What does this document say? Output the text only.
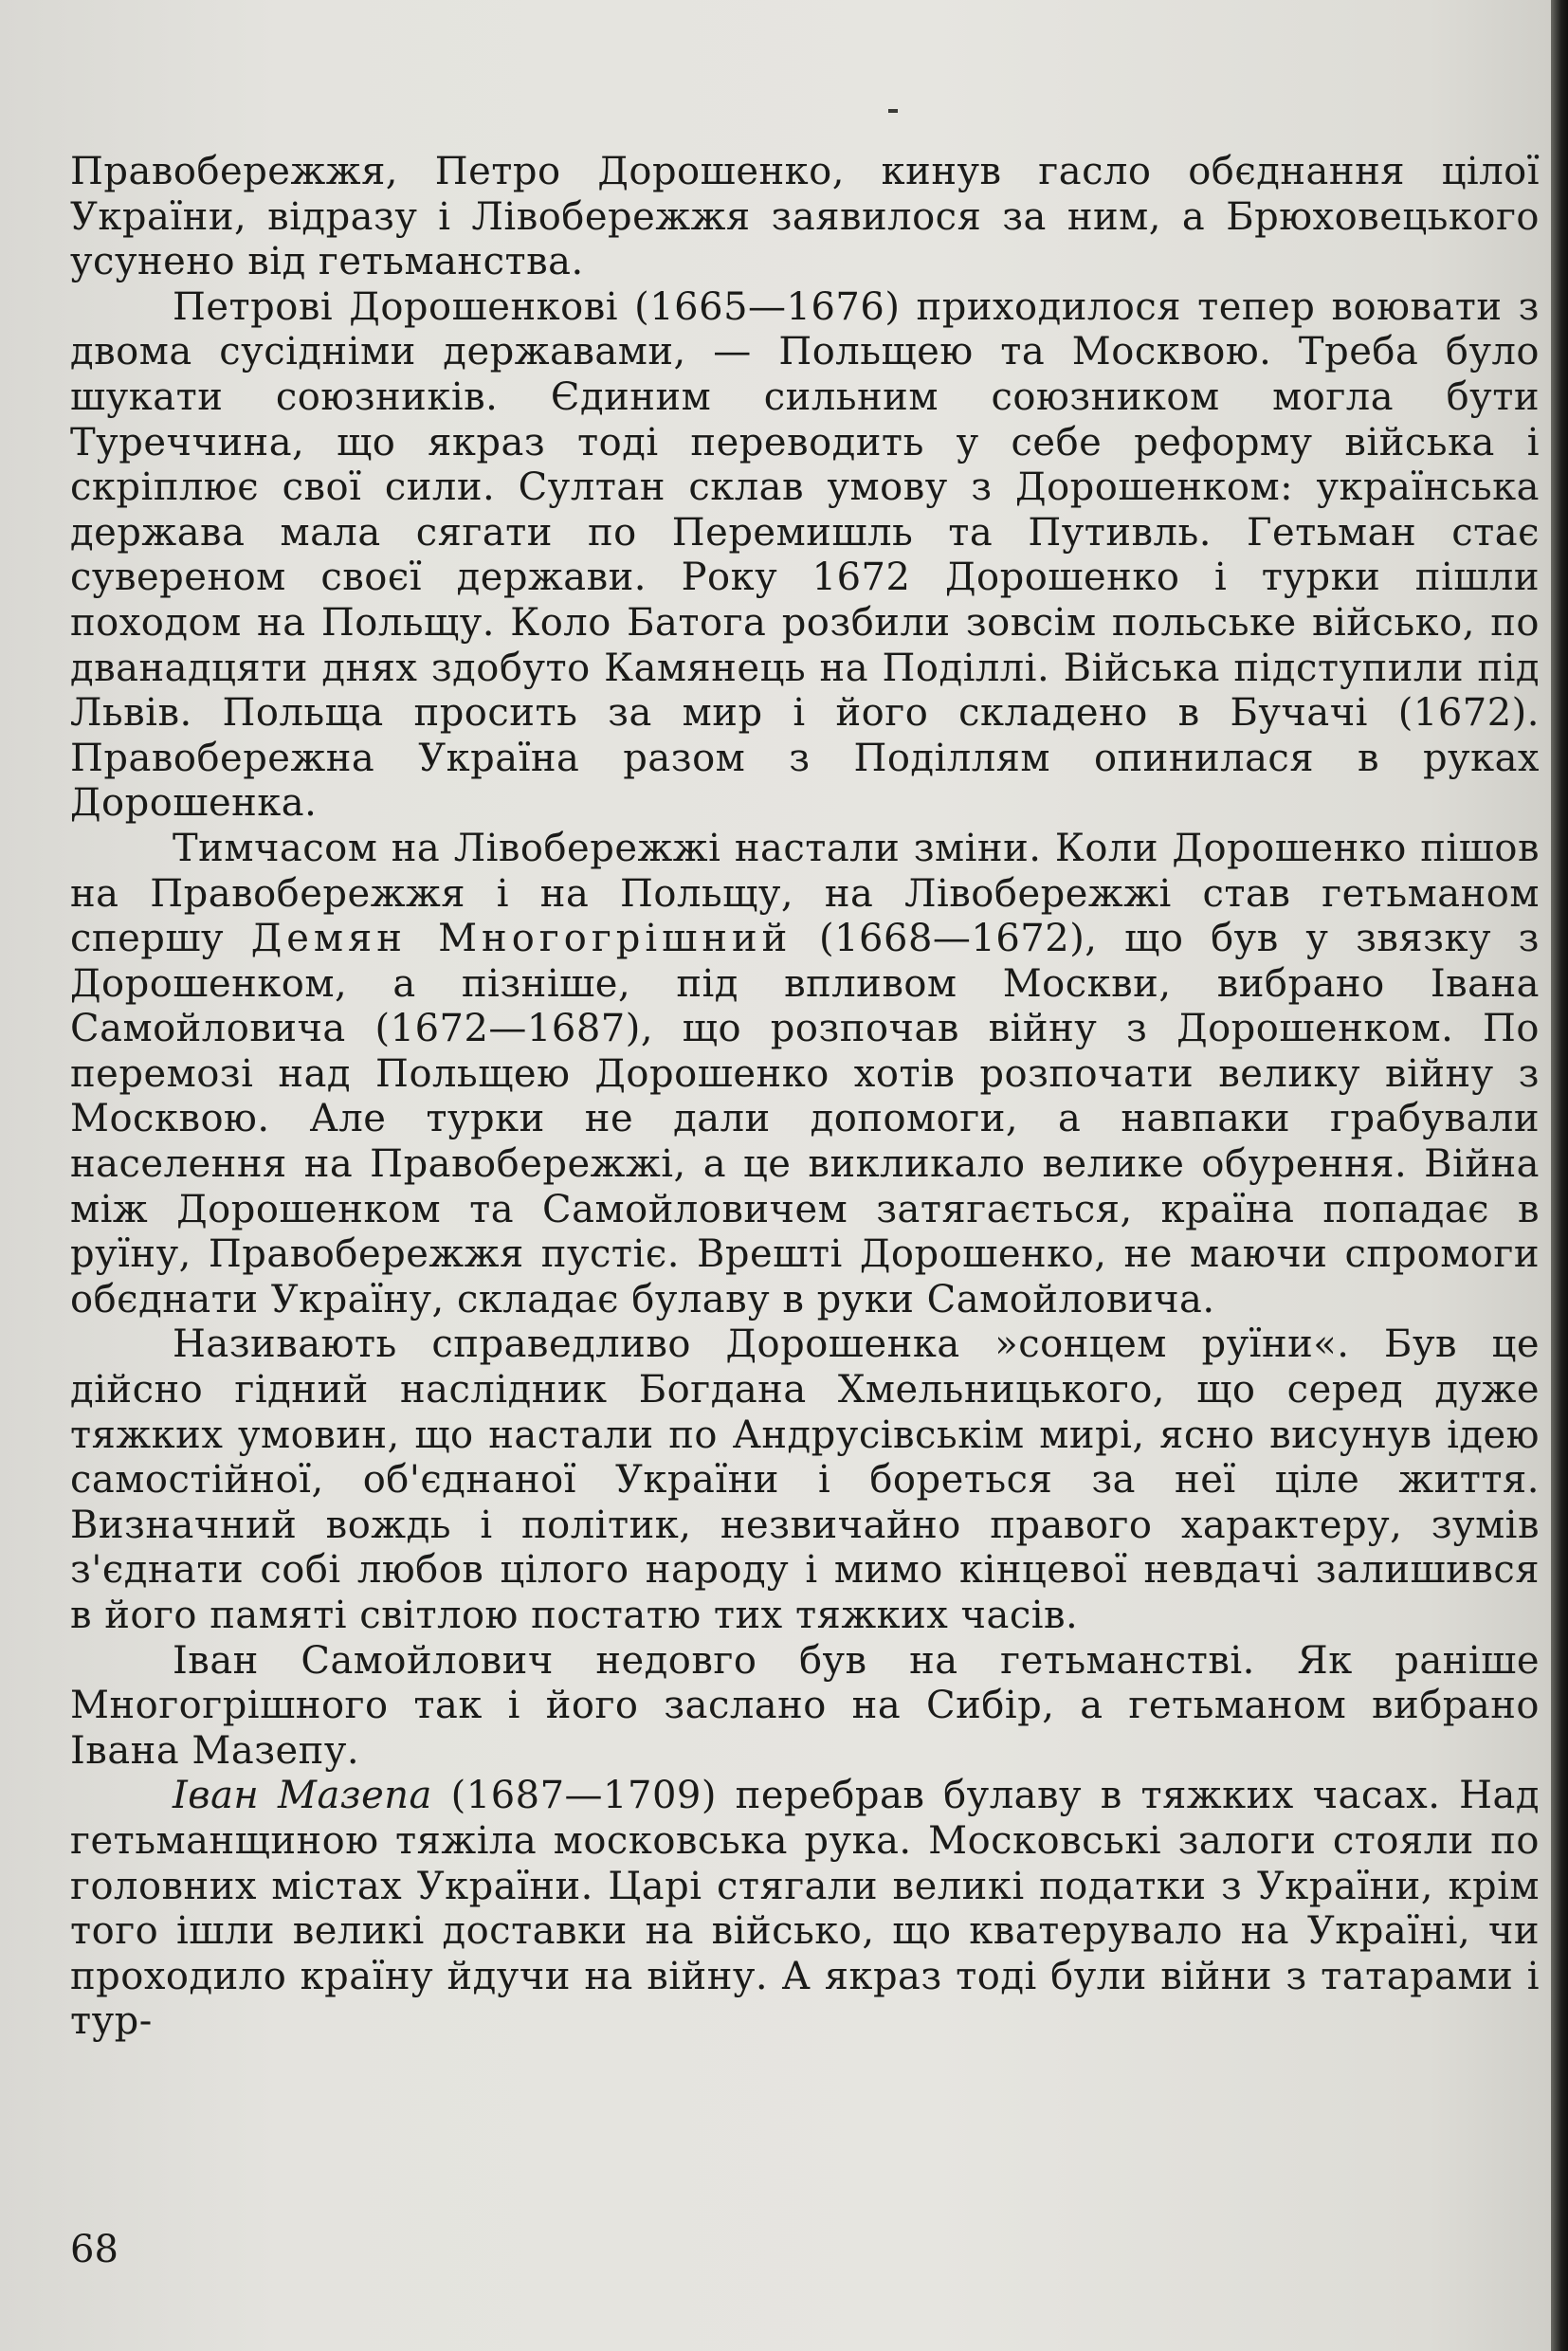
Правобережжя, Петро Дорошенко, кинув гасло обєднання цілої України, відразу і Лівобережжя заявилося за ним, а Брюховецького усунено від гетьманства.

Петрові Дорошенкові (1665—1676) приходилося тепер воювати з двома сусідніми державами, — Польщею та Москвою. Треба було шукати союзників. Єдиним сильним союзником могла бути Туреччина, що якраз тоді переводить у себе реформу війська і скріплює свої сили. Султан склав умову з Дорошенком: українська держава мала сягати по Перемишль та Путивль. Гетьман стає сувереном своєї держави. Року 1672 Дорошенко і турки пішли походом на Польщу. Коло Батога розбили зовсім польське військо, по дванадцяти днях здобуто Камянець на Поділлі. Війська підступили під Львів. Польща просить за мир і його складено в Бучачі (1672). Правобережна Україна разом з Поділлям опинилася в руках Дорошенка.

Тимчасом на Лівобережжі настали зміни. Коли Дорошенко пішов на Правобережжя і на Польщу, на Лівобережжі став гетьманом спершу Демян Многогрішний (1668—1672), що був у звязку з Дорошенком, а пізніше, під впливом Москви, вибрано Івана Самойловича (1672—1687), що розпочав війну з Дорошенком. По перемозі над Польщею Дорошенко хотів розпочати велику війну з Москвою. Але турки не дали допомоги, а навпаки грабували населення на Правобережжі, а це викликало велике обурення. Війна між Дорошенком та Самойловичем затягається, країна попадає в руїну, Правобережжя пустіє. Врешті Дорошенко, не маючи спромоги обєднати Україну, складає булаву в руки Самойловича.

Називають справедливо Дорошенка »сонцем руїни«. Був це дійсно гідний наслідник Богдана Хмельницького, що серед дуже тяжких умовин, що настали по Андрусівськім мирі, ясно висунув ідею самостійної, об'єднаної України і бореться за неї ціле життя. Визначний вождь і політик, незвичайно правого характеру, зумів з'єднати собі любов цілого народу і мимо кінцевої невдачі залишився в його памяті світлою постатю тих тяжких часів.

Іван Самойлович недовго був на гетьманстві. Як раніше Многогрішного так і його заслано на Сибір, а гетьманом вибрано Івана Мазепу.

Іван Мазепа (1687—1709) перебрав булаву в тяжких часах. Над гетьманщиною тяжіла московська рука. Московські залоги стояли по головних містах України. Царі стягали великі податки з України, крім того ішли великі доставки на військо, що кватерувало на Україні, чи проходило країну йдучи на війну. А якраз тоді були війни з татарами і тур-

68
